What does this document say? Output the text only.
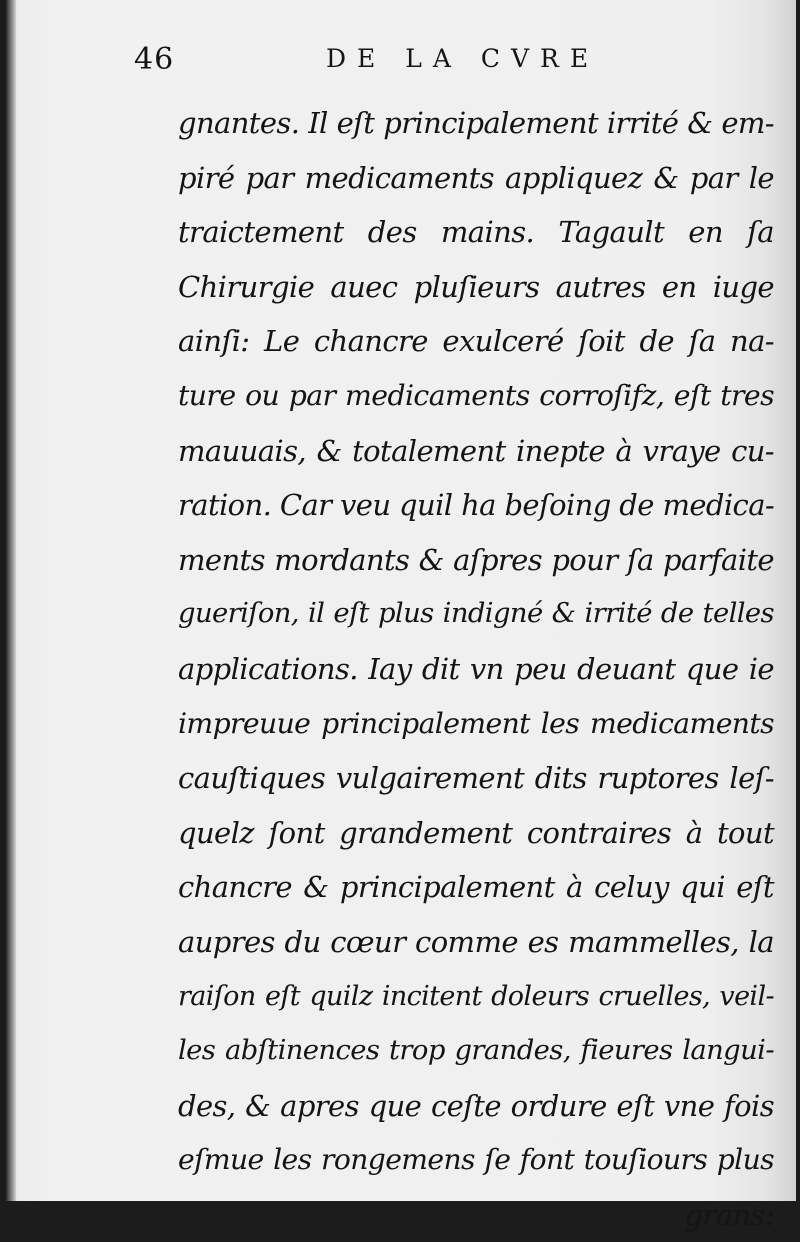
46	DE LA CVRE
gnantes. Il eſt principalement irrité & em-
piré par medicaments appliquez & par le
traictement des mains. Tagault en ſa
Chirurgie auec pluſieurs autres en iuge
ainſi: Le chancre exulceré ſoit de ſa na-
ture ou par medicaments corroſifz, eſt tres
mauuais, & totalement inepte à vraye cu-
ration. Car veu quil ha beſoing de medica-
ments mordants & aſpres pour ſa parfaite
gueriſon, il eſt plus indigné & irrité de telles
applications. Iay dit vn peu deuant que ie
impreuue principalement les medicaments
cauſtiques vulgairement dits ruptores leſ-
quelz ſont grandement contraires à tout
chancre & principalement à celuy qui eſt
aupres du cœur comme es mammelles, la
raiſon eſt quilz incitent doleurs cruelles, veil-
les abſtinences trop grandes, fieures langui-
des, & apres que ceſte ordure eſt vne fois
eſmue les rongemens ſe font touſiours plus
grans:
